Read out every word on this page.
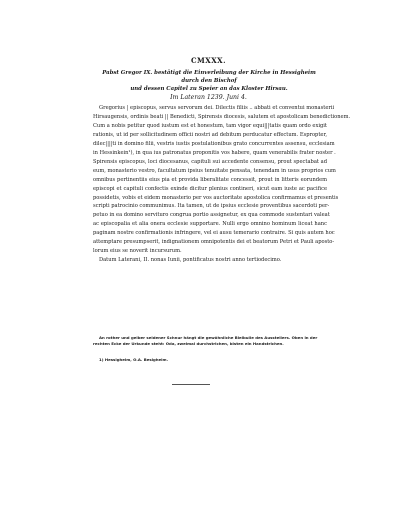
CMXXX.
Pabst Gregor IX. bestätigt die Einverleibung der Kirche in Hessigheim durch den Bischof
und dessen Capitel zu Speier an das Kloster Hirsau.
Im Lateran 1239. Juni 4.
Gregorius | episcopus, servus servorum dei. Dilectis filiis .. abbati et conventui monasterii
Hirsaugensis, ordinis beati || Benedicti, Spirensis diocesis, salutem et apostolicam benedictionem.
Cum a nobis petitur quod iustum est et honestum, tam vigor equi|||tatis quam ordo exigit
rationis, ut id per sollicitudinem officii nostri ad debitum perducatur effectum. Espropter,
dilec||||ti in domino filii, vestris iustis postulationibus grato concurrentes assensu, ecclesiam
in Hessinkein¹), in qua ius patronatus proponitis vos habere, quam venerabilis frater noster .
Spirensis episcopus, loci diocesanus, capituli sui accedente consensu, prout spectabat ad
eum, monasterio vestro, facultatum ipsius tenuitate pensata, tenendam in usus proprios cum
omnibus pertinentiis eius pia et provida liberalitate concessit, prout in litteris eorundem
episcopi et capituli confectis exinde dicitur plenius contineri, sicut eam iuste ac pacifice
possidetis, vobis et eidem monasterio per vos auctoritate apostolica confirmamus et presentis
scripti patrocinio communimus. Ita tamen, ut de ipsius ecclesie proventibus sacerdoti per-
petuo in ea domino servituro congrua portio assignetur, ex qua commode sustentari valeat
ac episcopalia et alia onera ecclesie supportare. Nulli ergo omnino hominum liceat hanc
paginam nostre confirmationis infringere, vel ei ausu temerario contraire. Si quis autem hoc
attemptare presumpserit, indignationem omnipotentis dei et beatorum Petri et Pauli aposto-
lorum eius se noverit incursurum.
Datum Laterani, II. nonas Iunii, pontificatus nostri anno tertiodecimo.
An rother und gelber seidener Schnur hängt die gewöhnliche Bleibulle des Ausstellers. Oben in der
rechten Ecke der Urkunde steht: Oda, zweimal durchstrichen, bisten ein Handstrichen.
1) Hessigheim, O.A. Besigheim.
